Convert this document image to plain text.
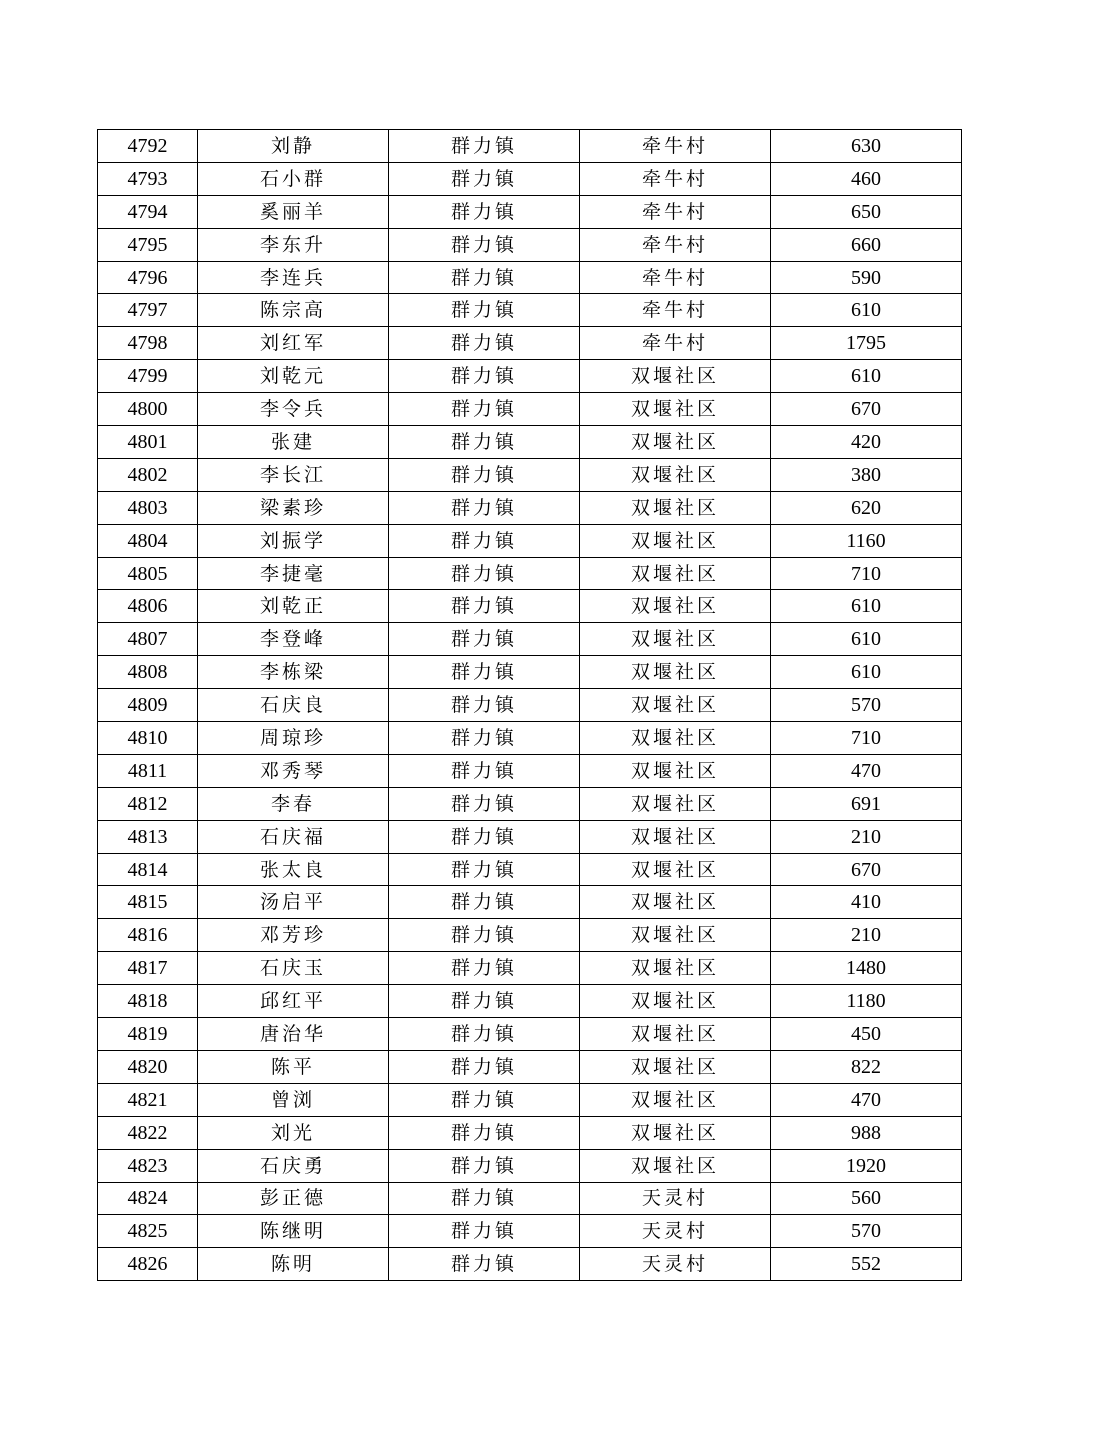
4792	刘静	群力镇	牵牛村	630
4793	石小群	群力镇	牵牛村	460
4794	奚丽羊	群力镇	牵牛村	650
4795	李东升	群力镇	牵牛村	660
4796	李连兵	群力镇	牵牛村	590
4797	陈宗高	群力镇	牵牛村	610
4798	刘红军	群力镇	牵牛村	1795
4799	刘乾元	群力镇	双堰社区	610
4800	李令兵	群力镇	双堰社区	670
4801	张建	群力镇	双堰社区	420
4802	李长江	群力镇	双堰社区	380
4803	梁素珍	群力镇	双堰社区	620
4804	刘振学	群力镇	双堰社区	1160
4805	李捷毫	群力镇	双堰社区	710
4806	刘乾正	群力镇	双堰社区	610
4807	李登峰	群力镇	双堰社区	610
4808	李栋梁	群力镇	双堰社区	610
4809	石庆良	群力镇	双堰社区	570
4810	周琼珍	群力镇	双堰社区	710
4811	邓秀琴	群力镇	双堰社区	470
4812	李春	群力镇	双堰社区	691
4813	石庆福	群力镇	双堰社区	210
4814	张太良	群力镇	双堰社区	670
4815	汤启平	群力镇	双堰社区	410
4816	邓芳珍	群力镇	双堰社区	210
4817	石庆玉	群力镇	双堰社区	1480
4818	邱红平	群力镇	双堰社区	1180
4819	唐治华	群力镇	双堰社区	450
4820	陈平	群力镇	双堰社区	822
4821	曾浏	群力镇	双堰社区	470
4822	刘光	群力镇	双堰社区	988
4823	石庆勇	群力镇	双堰社区	1920
4824	彭正德	群力镇	天灵村	560
4825	陈继明	群力镇	天灵村	570
4826	陈明	群力镇	天灵村	552
